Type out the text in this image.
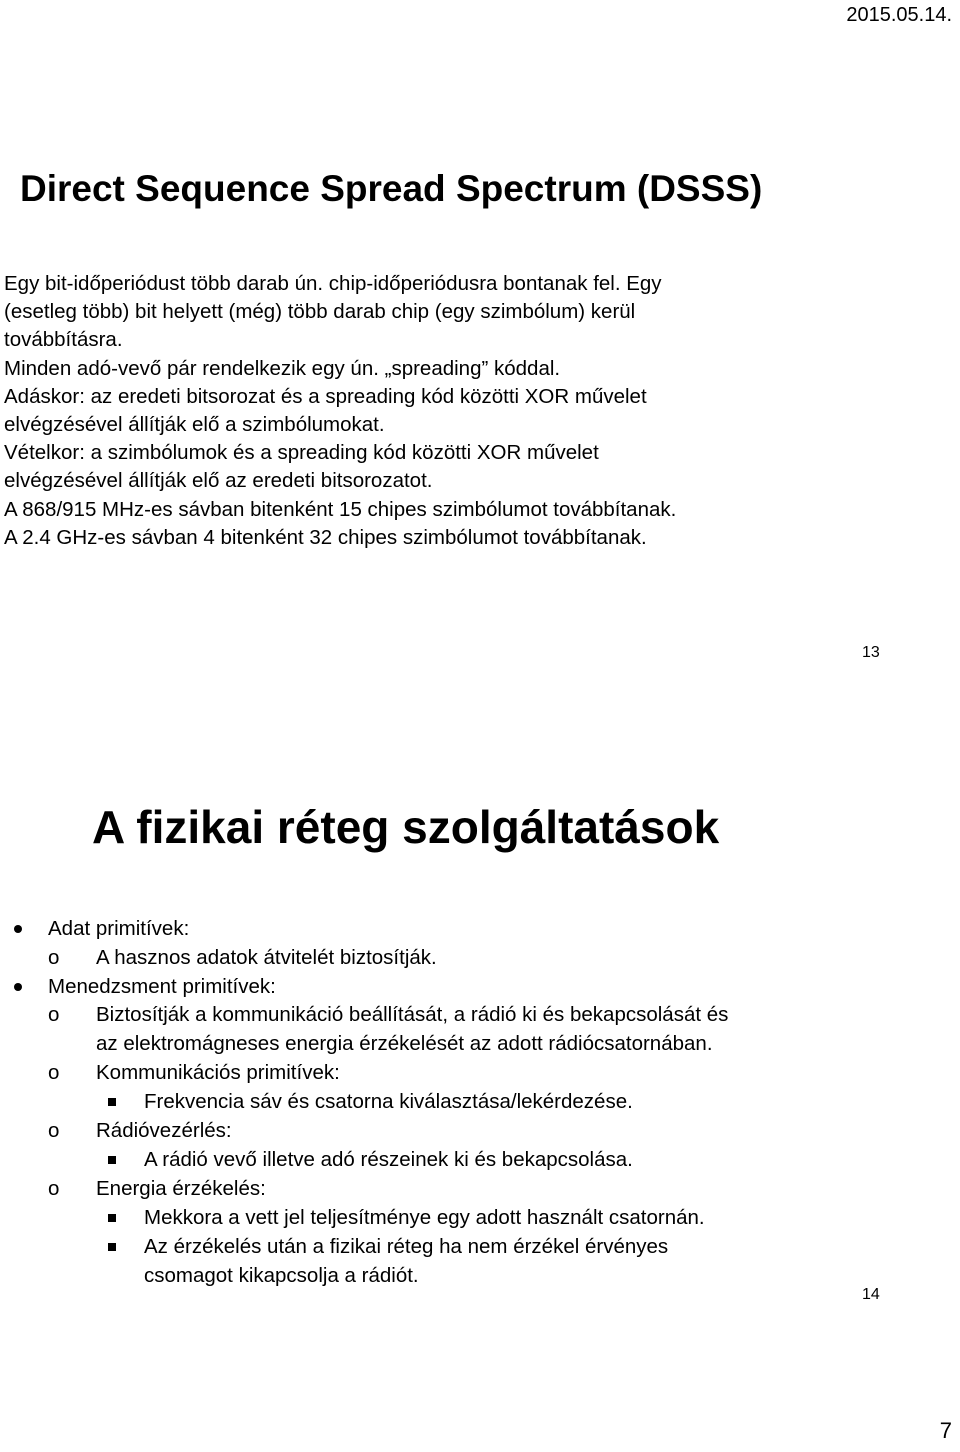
2015.05.14.
Direct Sequence Spread Spectrum (DSSS)
Egy bit-időperiódust több darab ún. chip-időperiódusra bontanak fel. Egy
(esetleg több) bit helyett (még) több darab chip (egy szimbólum) kerül
továbbításra.
Minden adó-vevő pár rendelkezik egy ún. „spreading” kóddal.
Adáskor: az eredeti bitsorozat és a spreading kód közötti XOR művelet
elvégzésével állítják elő a szimbólumokat.
Vételkor: a szimbólumok és a spreading kód közötti XOR művelet
elvégzésével állítják elő az eredeti bitsorozatot.
A 868/915 MHz-es sávban bitenként 15 chipes szimbólumot továbbítanak.
A 2.4 GHz-es sávban 4 bitenként 32 chipes szimbólumot továbbítanak.
13
A fizikai réteg szolgáltatások
Adat primitívek:
o A hasznos adatok átvitelét biztosítják.
Menedzsment primitívek:
o Biztosítják a kommunikáció beállítását, a rádió ki és bekapcsolását és
az elektromágneses energia érzékelését az adott rádiócsatornában.
o Kommunikációs primitívek:
Frekvencia sáv és csatorna kiválasztása/lekérdezése.
o Rádióvezérlés:
A rádió vevő illetve adó részeinek ki és bekapcsolása.
o Energia érzékelés:
Mekkora a vett jel teljesítménye egy adott használt csatornán.
Az érzékelés után a fizikai réteg ha nem érzékel érvényes
csomagot kikapcsolja a rádiót.
14
7
